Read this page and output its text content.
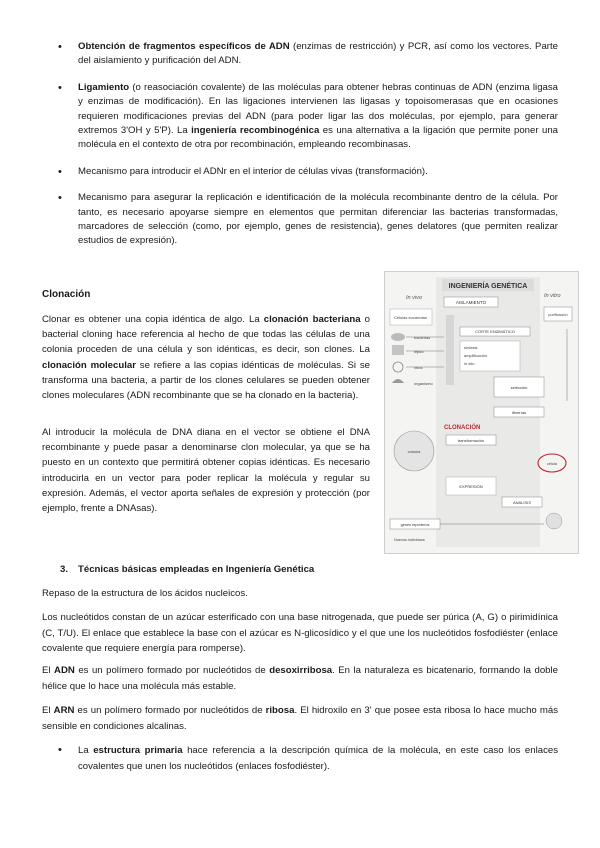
• Obtención de fragmentos específicos de ADN (enzimas de restricción) y PCR, así como los vectores. Parte del aislamiento y purificación del ADN.
• Ligamiento (o reasociación covalente) de las moléculas para obtener hebras continuas de ADN (enzima ligasa y enzimas de modificación). En las ligaciones intervienen las ligasas y topoisomerasas que en ocasiones requieren modificaciones previas del ADN (para poder ligar las dos moléculas, por ejemplo, para generar extremos 3'OH y 5'P). La ingeniería recombinogénica es una alternativa a la ligación que permite poner una molécula en el contexto de otra por recombinación, empleando recombinasas.
• Mecanismo para introducir el ADNr en el interior de células vivas (transformación).
• Mecanismo para asegurar la replicación e identificación de la molécula recombinante dentro de la célula. Por tanto, es necesario apoyarse siempre en elementos que permitan diferenciar las bacterias transformadas, marcadores de selección (como, por ejemplo, genes de resistencia), genes delatores (que permiten realizar estudios de expresión).
Clonación
Clonar es obtener una copia idéntica de algo. La clonación bacteriana o bacterial cloning hace referencia al hecho de que todas las células de una colonia proceden de una célula y son idénticas, es decir, son clones. La clonación molecular se refiere a las copias idénticas de moléculas. Si se transforma una bacteria, a partir de los clones celulares se pueden obtener clones moleculares (ADN recombinante que se ha clonado en la bacteria).
Al introducir la molécula de DNA diana en el vector se obtiene el DNA recombinante y puede pasar a denominarse clon molecular, ya que se ha puesto en un contexto que permitirá obtener copias idénticas. Es necesario introducirla en un vector para poder replicar la molécula y regular su expresión. Además, el vector aporta señales de expresión y protección (por ejemplo, frente a DNAsas).
INGENIERÍA GENÉTICA
In vivo	In vitro
Células eucariotas
bacterias
tejido
virus
organismo
AISLAMIENTO
CORTE ENZIMÁTICO
síntesis
amplificación
in situ
purificación
selección
librerías
CLONACIÓN
colonia
transformación
célula
EXPRESIÓN
ANÁLISIS
genes reporteros
Nuevos individuos
3. Técnicas básicas empleadas en Ingeniería Genética
Repaso de la estructura de los ácidos nucleicos.
Los nucleótidos constan de un azúcar esterificado con una base nitrogenada, que puede ser púrica (A, G) o pirimidínica (C, T/U). El enlace que establece la base con el azúcar es N-glicosídico y el que une los nucleótidos fosfodiéster (enlace covalente que requiere energía para romperse).
El ADN es un polímero formado por nucleótidos de desoxirribosa. En la naturaleza es bicatenario, formando la doble hélice que lo hace una molécula más estable.
El ARN es un polímero formado por nucleótidos de ribosa. El hidroxilo en 3' que posee esta ribosa lo hace mucho más sensible en condiciones alcalinas.
• La estructura primaria hace referencia a la descripción química de la molécula, en este caso los enlaces covalentes que unen los nucleótidos (enlaces fosfodiéster).
